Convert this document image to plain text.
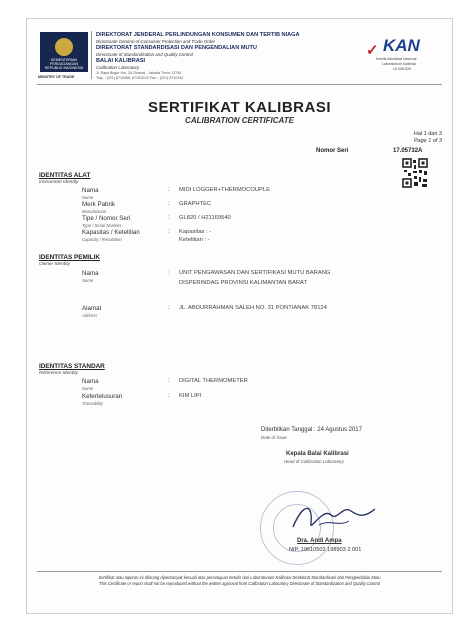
KEMENTERIAN PERDAGANGAN REPUBLIK INDONESIA
MINISTRY OF TRADE
DIREKTORAT JENDERAL PERLINDUNGAN KONSUMEN DAN TERTIB NIAGA
Directorate General of Consumer Protection and Trade Order
DIREKTORAT STANDARDISASI DAN PENGENDALIAN MUTU
Directorate of Standardization and Quality Control
BALAI KALIBRASI
Calibration Laboratory
Jl. Raya Bogor Km. 26 Ciracas - Jakarta Timur 13740
Telp. : (021) 8710066, 8710321/2 Fax. : (021) 8710781
✓ KAN
Komite Akreditasi Nasional
Laboratorium Kalibrasi
LK-008-IDN
SERTIFIKAT KALIBRASI
CALIBRATION CERTIFICATE
Hal 1 dari 3
Page 1 of 3
Nomor Seri	17.05732A
IDENTITAS ALAT
Instrument Identity
Nama
Name
: MIDI LOGGER+THERMOCOUPLE
Merk Pabrik
Manufacturer
: GRAPHTEC
Tipe / Nomor Seri
Type / Serial Number
: GL820 / H21169540
Kapasitas / Ketelitian
Capacity / Resolution
: Kapasitas : -
Ketelitian : -
IDENTITAS PEMILIK
Owner Identity
Nama
Name
: UNIT PENGAWASAN DAN SERTIFIKASI MUTU BARANG
DISPERINDAG PROVINSI KALIMANTAN BARAT
Alamat
Address
: JL. ABDURRAHMAN SALEH NO. 31 PONTIANAK 78124
IDENTITAS STANDAR
Reference Identity
Nama
Name
: DIGITAL THERMOMETER
Ketertelusuran
Traceability
: KIM LIPI
Diterbitkan Tanggal : 24 Agustus 2017
Date of Issue
Kepala Balai Kalibrasi
Head of Calibration Laboratory
Dra. Andi Ampa
NIP. 19610502 198903 2 001
Sertifikat atau laporan ini dilarang diperbanyak kecuali atas persetujuan tertulis dari Laboratorium Kalibrasi Direktorat Standardisasi dan Pengendalian Mutu
This Certificate or report shall not be reproduced without the written approval from Calibration Laboratory Directorate of Standardization and Quality Control
